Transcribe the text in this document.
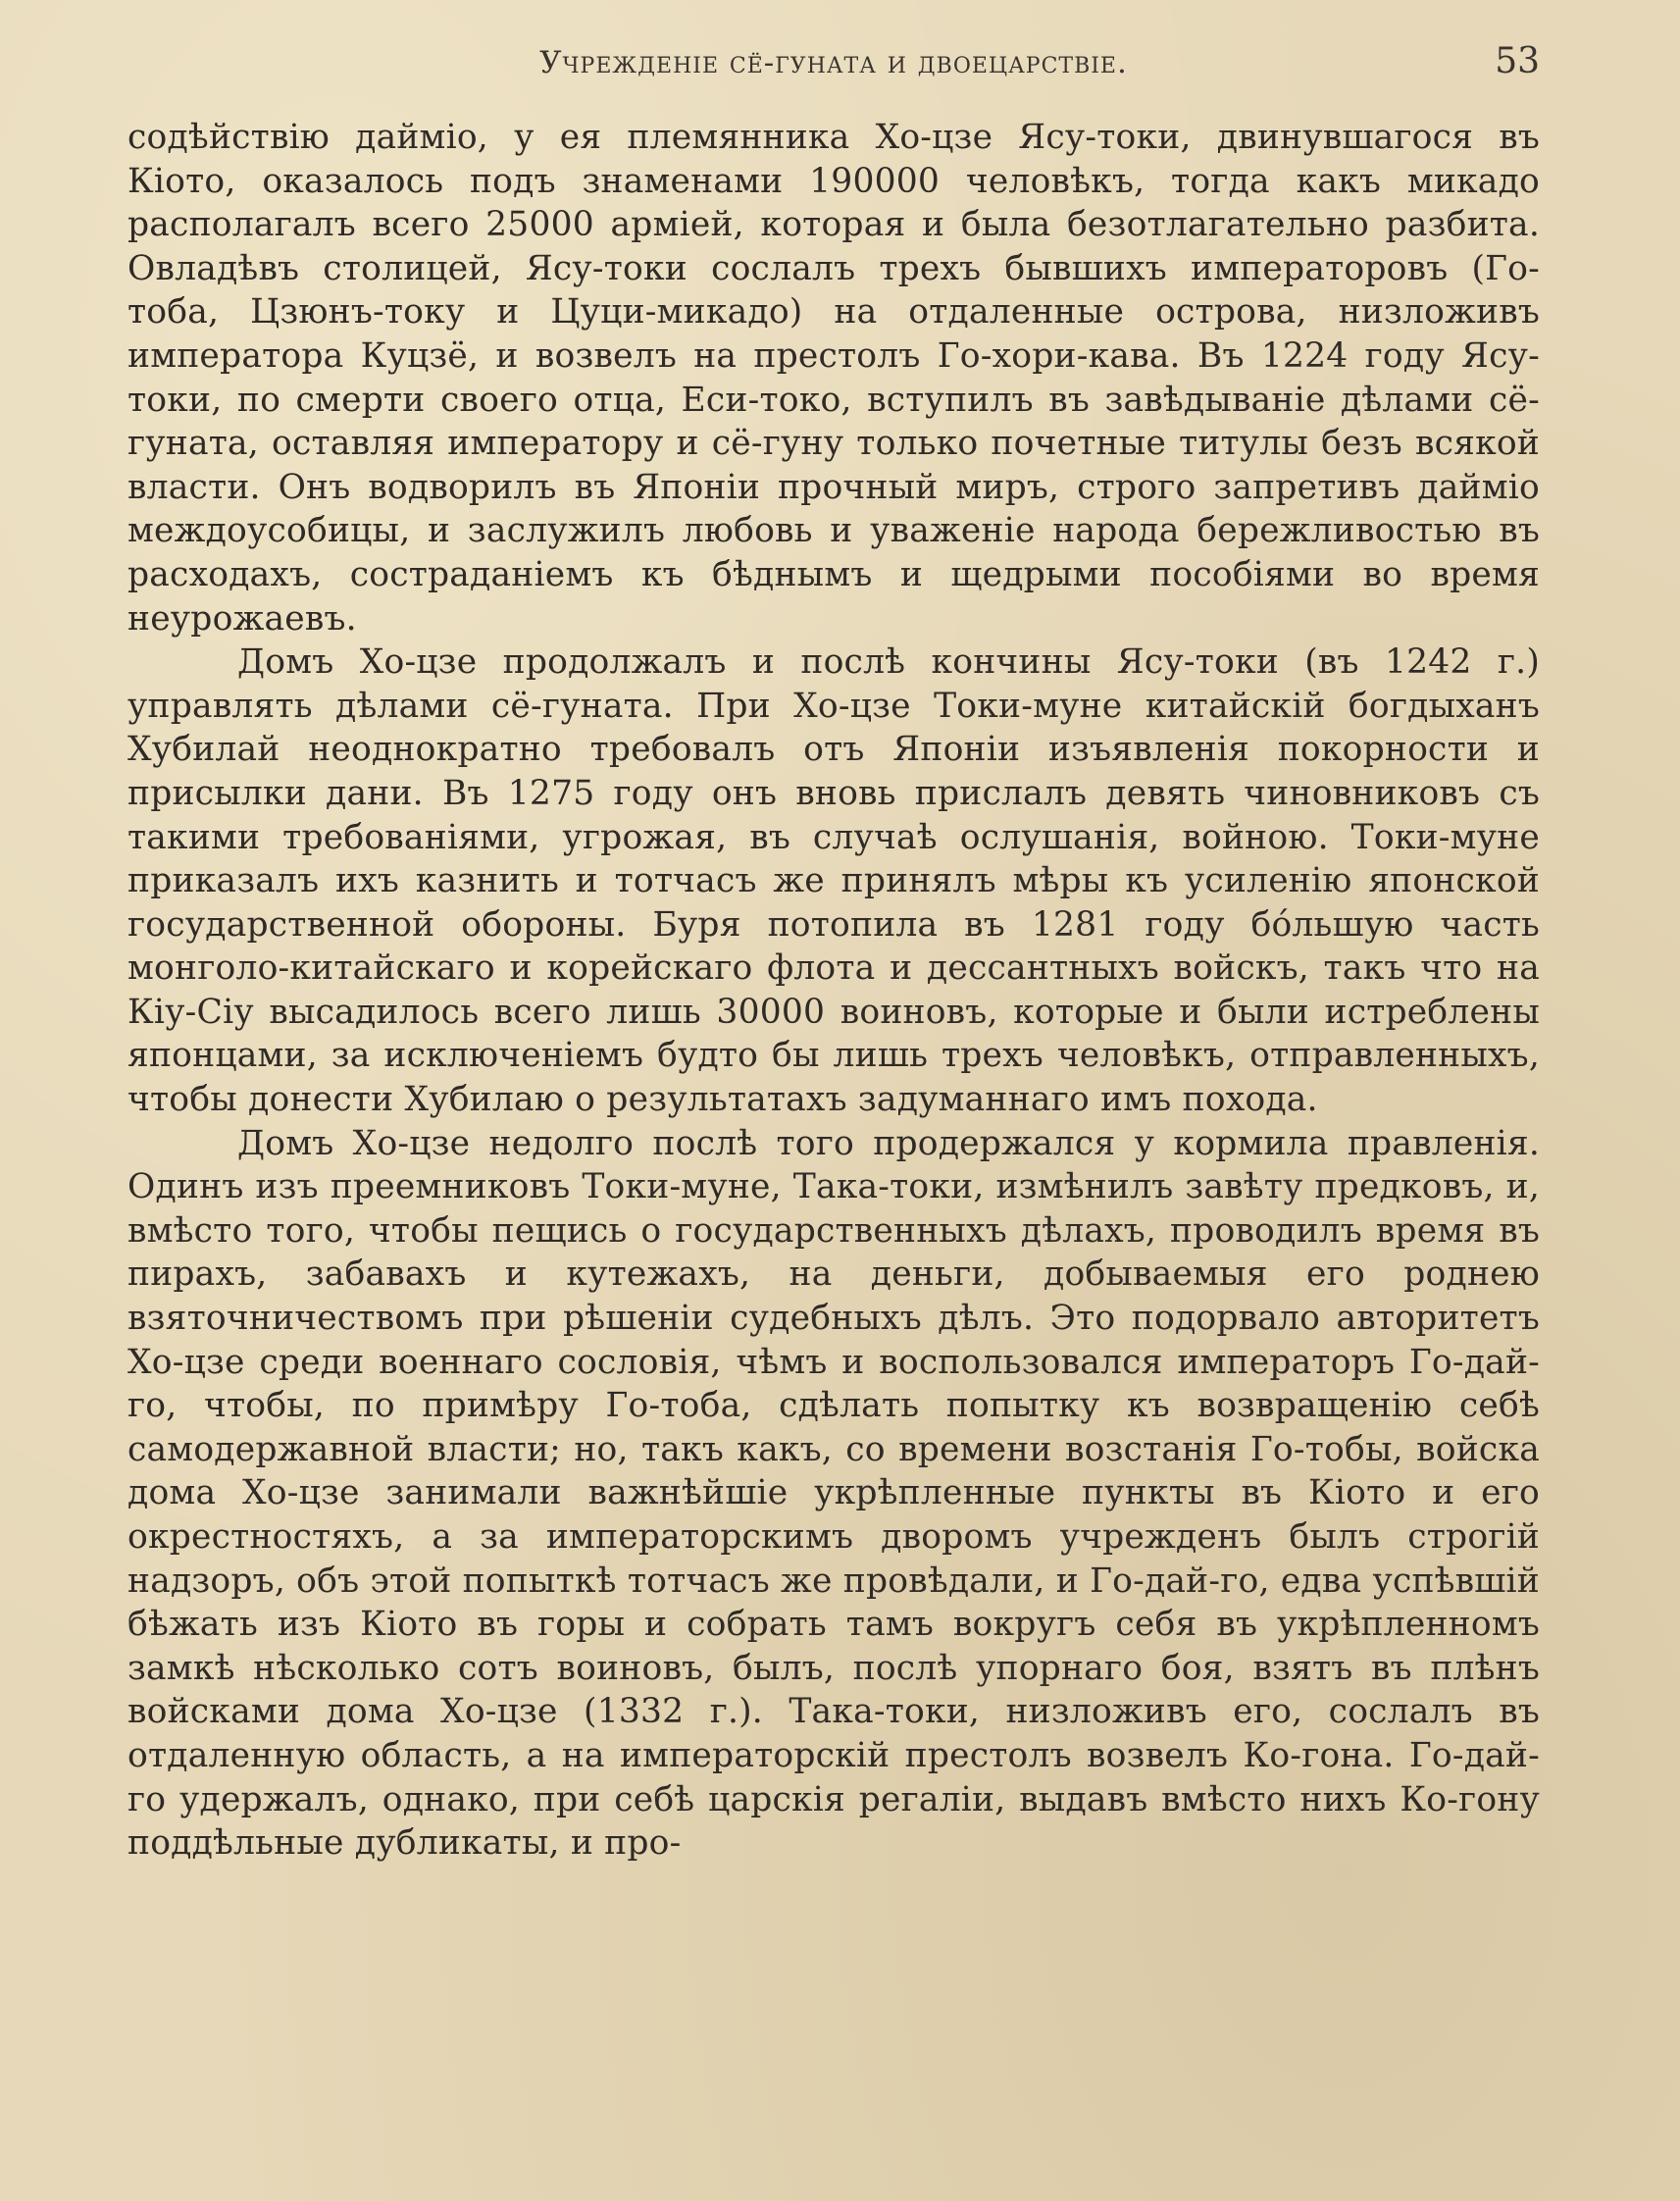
Учрежденіе сё-гуната и двоецарствіе.	53

содѣйствію даймiо, у ея племянника Хо-цзе Ясу-токи, двинувшагося въ Кіото, оказалось подъ знаменами 190000 человѣкъ, тогда какъ микадо располагалъ всего 25000 арміей, которая и была безотлагательно разбита. Овладѣвъ столицей, Ясу-токи сослалъ трехъ бывшихъ императоровъ (Го-тоба, Цзюнъ-току и Цуци-микадо) на отдаленные острова, низложивъ императора Куцзё, и возвелъ на престолъ Го-хори-кава. Въ 1224 году Ясу-токи, по смерти своего отца, Еси-токо, вступилъ въ завѣдываніе дѣлами сё-гуната, оставляя императору и сё-гуну только почетные титулы безъ всякой власти. Онъ водворилъ въ Японіи прочный миръ, строго запретивъ даймiо междоусобицы, и заслужилъ любовь и уваженіе народа бережливостью въ расходахъ, состраданіемъ къ бѣднымъ и щедрыми пособіями во время неурожаевъ.

Домъ Хо-цзе продолжалъ и послѣ кончины Ясу-токи (въ 1242 г.) управлять дѣлами сё-гуната. При Хо-цзе Токи-муне китайскій богдыханъ Хубилай неоднократно требовалъ отъ Японіи изъявленія покорности и присылки дани. Въ 1275 году онъ вновь прислалъ девять чиновниковъ съ такими требованіями, угрожая, въ случаѣ ослушанія, войною. Токи-муне приказалъ ихъ казнить и тотчасъ же принялъ мѣры къ усиленію японской государственной обороны. Буря потопила въ 1281 году бо́льшую часть монголо-китайскаго и корейскаго флота и дессантныхъ войскъ, такъ что на Кіу-Сіу высадилось всего лишь 30000 воиновъ, которые и были истреблены японцами, за исключеніемъ будто бы лишь трехъ человѣкъ, отправленныхъ, чтобы донести Хубилаю о результатахъ задуманнаго имъ похода.

Домъ Хо-цзе недолго послѣ того продержался у кормила правленія. Одинъ изъ преемниковъ Токи-муне, Така-токи, измѣнилъ завѣту предковъ, и, вмѣсто того, чтобы пещись о государственныхъ дѣлахъ, проводилъ время въ пирахъ, забавахъ и кутежахъ, на деньги, добываемыя его роднею взяточничествомъ при рѣшеніи судебныхъ дѣлъ. Это подорвало авторитетъ Хо-цзе среди военнаго сословія, чѣмъ и воспользовался императоръ Го-дай-го, чтобы, по примѣру Го-тоба, сдѣлать попытку къ возвращенію себѣ самодержавной власти; но, такъ какъ, со времени возстанія Го-тобы, войска дома Хо-цзе занимали важнѣйшіе укрѣпленные пункты въ Кіото и его окрестностяхъ, а за императорскимъ дворомъ учрежденъ былъ строгій надзоръ, объ этой попыткѣ тотчасъ же провѣдали, и Го-дай-го, едва успѣвшій бѣжать изъ Кіото въ горы и собрать тамъ вокругъ себя въ укрѣпленномъ замкѣ нѣсколько сотъ воиновъ, былъ, послѣ упорнаго боя, взятъ въ плѣнъ войсками дома Хо-цзе (1332 г.). Така-токи, низложивъ его, сослалъ въ отдаленную область, а на императорскій престолъ возвелъ Ко-гона. Го-дай-го удержалъ, однако, при себѣ царскія регаліи, выдавъ вмѣсто нихъ Ко-гону поддѣльные дубликаты, и про-
